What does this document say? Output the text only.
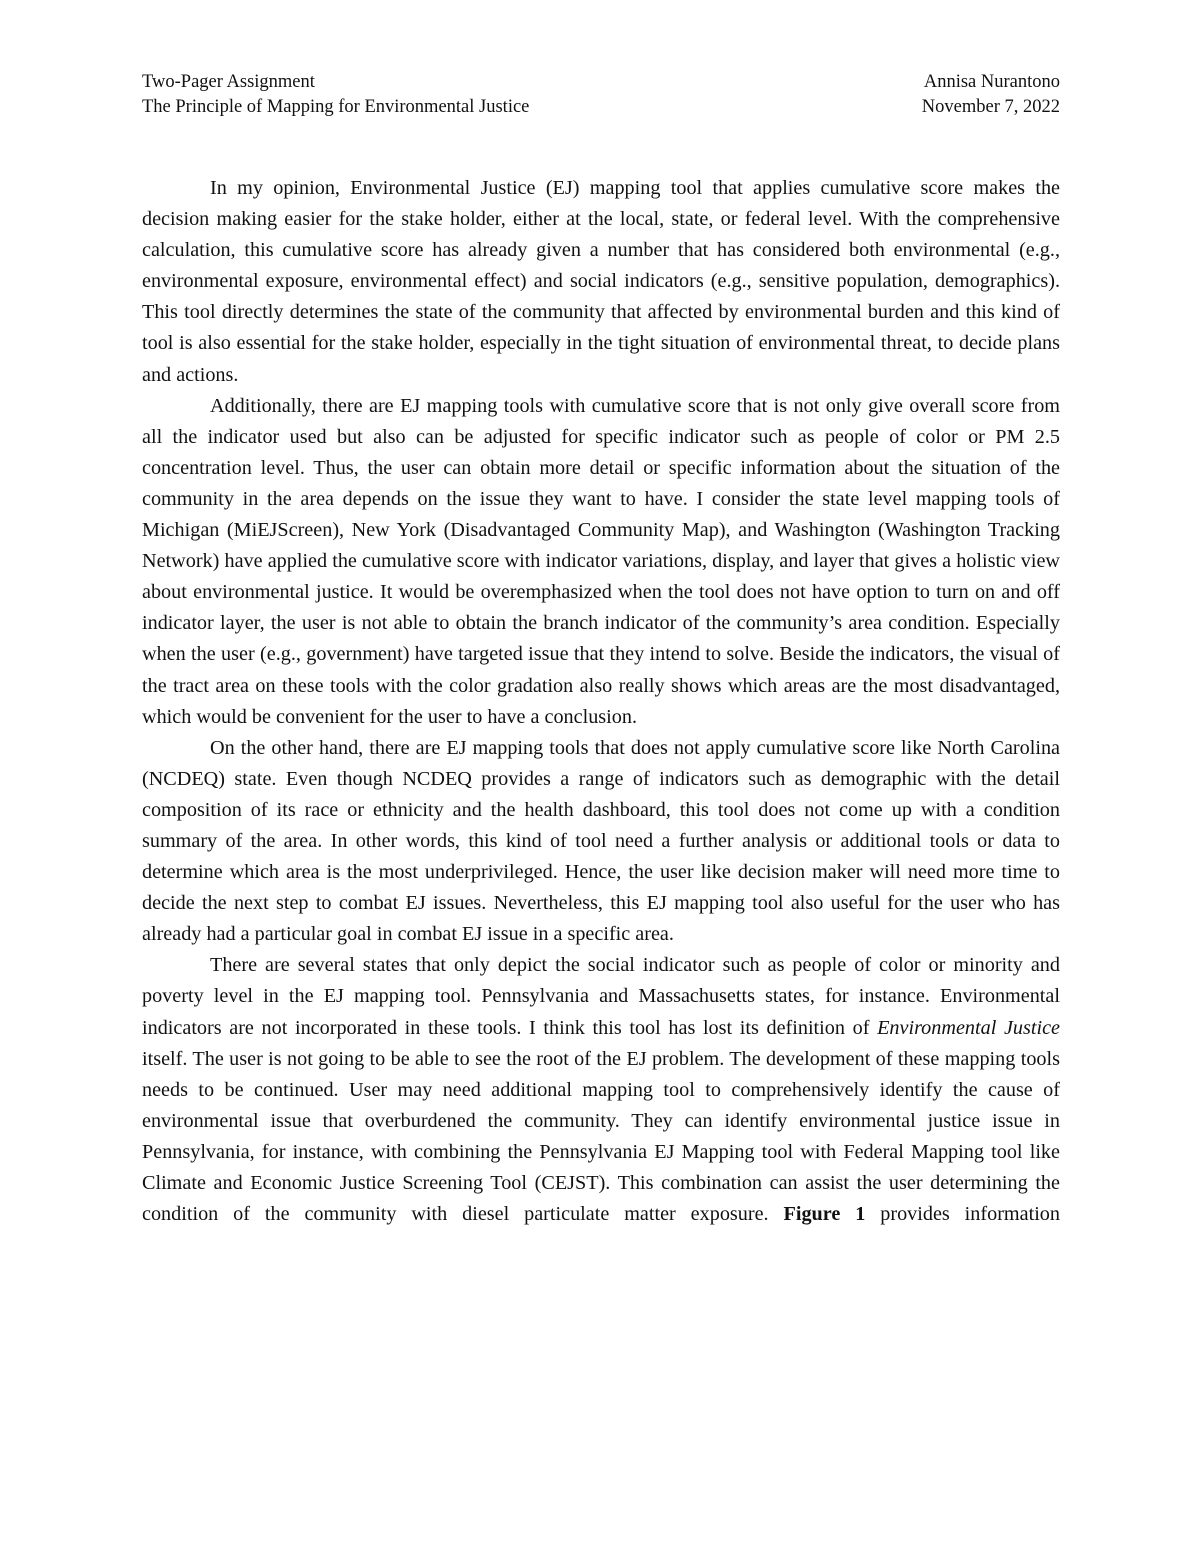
Two-Pager Assignment	Annisa Nurantono
The Principle of Mapping for Environmental Justice	November 7, 2022

In my opinion, Environmental Justice (EJ) mapping tool that applies cumulative score makes the decision making easier for the stake holder, either at the local, state, or federal level. With the comprehensive calculation, this cumulative score has already given a number that has considered both environmental (e.g., environmental exposure, environmental effect) and social indicators (e.g., sensitive population, demographics). This tool directly determines the state of the community that affected by environmental burden and this kind of tool is also essential for the stake holder, especially in the tight situation of environmental threat, to decide plans and actions.

Additionally, there are EJ mapping tools with cumulative score that is not only give overall score from all the indicator used but also can be adjusted for specific indicator such as people of color or PM 2.5 concentration level. Thus, the user can obtain more detail or specific information about the situation of the community in the area depends on the issue they want to have. I consider the state level mapping tools of Michigan (MiEJScreen), New York (Disadvantaged Community Map), and Washington (Washington Tracking Network) have applied the cumulative score with indicator variations, display, and layer that gives a holistic view about environmental justice. It would be overemphasized when the tool does not have option to turn on and off indicator layer, the user is not able to obtain the branch indicator of the community’s area condition. Especially when the user (e.g., government) have targeted issue that they intend to solve. Beside the indicators, the visual of the tract area on these tools with the color gradation also really shows which areas are the most disadvantaged, which would be convenient for the user to have a conclusion.

On the other hand, there are EJ mapping tools that does not apply cumulative score like North Carolina (NCDEQ) state. Even though NCDEQ provides a range of indicators such as demographic with the detail composition of its race or ethnicity and the health dashboard, this tool does not come up with a condition summary of the area. In other words, this kind of tool need a further analysis or additional tools or data to determine which area is the most underprivileged. Hence, the user like decision maker will need more time to decide the next step to combat EJ issues. Nevertheless, this EJ mapping tool also useful for the user who has already had a particular goal in combat EJ issue in a specific area.

There are several states that only depict the social indicator such as people of color or minority and poverty level in the EJ mapping tool. Pennsylvania and Massachusetts states, for instance. Environmental indicators are not incorporated in these tools. I think this tool has lost its definition of Environmental Justice itself. The user is not going to be able to see the root of the EJ problem. The development of these mapping tools needs to be continued. User may need additional mapping tool to comprehensively identify the cause of environmental issue that overburdened the community. They can identify environmental justice issue in Pennsylvania, for instance, with combining the Pennsylvania EJ Mapping tool with Federal Mapping tool like Climate and Economic Justice Screening Tool (CEJST). This combination can assist the user determining the condition of the community with diesel particulate matter exposure. Figure 1 provides information
